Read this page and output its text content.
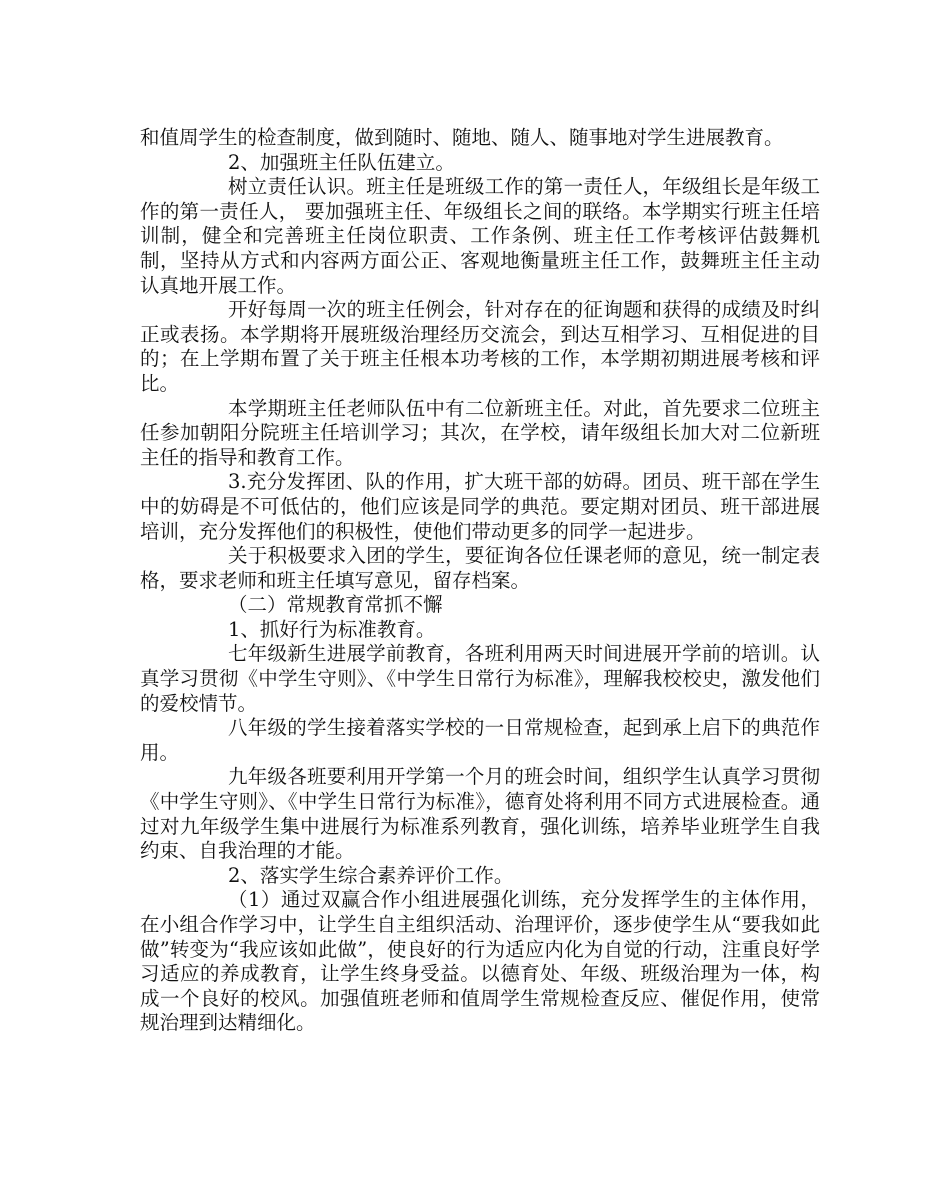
和值周学生的检查制度，做到随时、随地、随人、随事地对学生进展教育。

2、加强班主任队伍建立。

树立责任认识。班主任是班级工作的第一责任人，年级组长是年级工作的第一责任人， 要加强班主任、年级组长之间的联络。本学期实行班主任培训制，健全和完善班主任岗位职责、工作条例、班主任工作考核评估鼓舞机制，坚持从方式和内容两方面公正、客观地衡量班主任工作，鼓舞班主任主动认真地开展工作。

开好每周一次的班主任例会，针对存在的征询题和获得的成绩及时纠正或表扬。本学期将开展班级治理经历交流会，到达互相学习、互相促进的目的；在上学期布置了关于班主任根本功考核的工作，本学期初期进展考核和评比。

本学期班主任老师队伍中有二位新班主任。对此，首先要求二位班主任参加朝阳分院班主任培训学习；其次，在学校，请年级组长加大对二位新班主任的指导和教育工作。

3.充分发挥团、队的作用，扩大班干部的妨碍。团员、班干部在学生中的妨碍是不可低估的，他们应该是同学的典范。要定期对团员、班干部进展培训，充分发挥他们的积极性，使他们带动更多的同学一起进步。

关于积极要求入团的学生，要征询各位任课老师的意见，统一制定表格，要求老师和班主任填写意见，留存档案。

（二）常规教育常抓不懈

1、抓好行为标准教育。

七年级新生进展学前教育，各班利用两天时间进展开学前的培训。认真学习贯彻《中学生守则》、《中学生日常行为标准》，理解我校校史，激发他们的爱校情节。

八年级的学生接着落实学校的一日常规检查，起到承上启下的典范作用。

九年级各班要利用开学第一个月的班会时间，组织学生认真学习贯彻《中学生守则》、《中学生日常行为标准》，德育处将利用不同方式进展检查。通过对九年级学生集中进展行为标准系列教育，强化训练，培养毕业班学生自我约束、自我治理的才能。

2、落实学生综合素养评价工作。

（1）通过双赢合作小组进展强化训练，充分发挥学生的主体作用，在小组合作学习中，让学生自主组织活动、治理评价，逐步使学生从“要我如此做”转变为“我应该如此做”，使良好的行为适应内化为自觉的行动，注重良好学习适应的养成教育，让学生终身受益。以德育处、年级、班级治理为一体，构成一个良好的校风。加强值班老师和值周学生常规检查反应、催促作用，使常规治理到达精细化。
